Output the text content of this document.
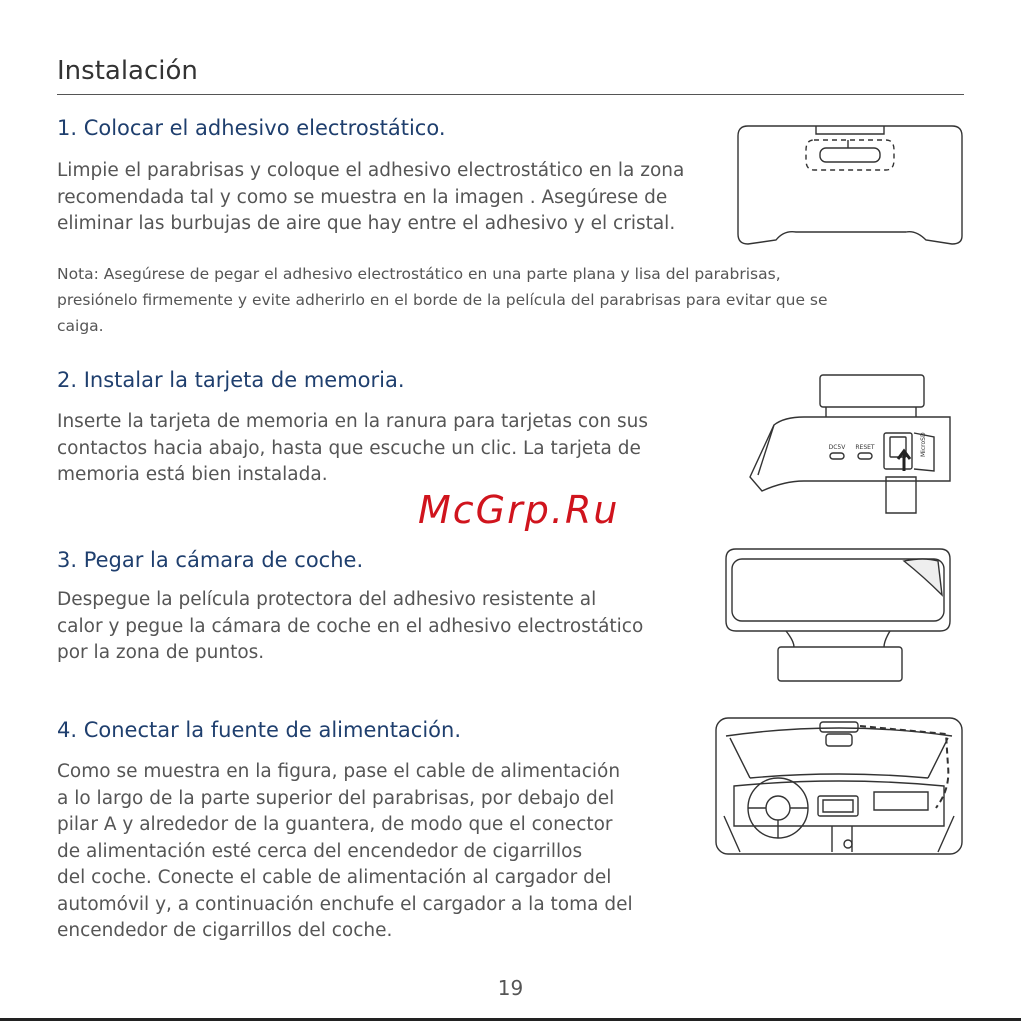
Instalación
1. Colocar el adhesivo electrostático.

Limpie el parabrisas y coloque el adhesivo electrostático en la zona
recomendada tal y como se muestra en la imagen . Asegúrese de
eliminar las burbujas de aire que hay entre el adhesivo y el cristal.

Nota: Asegúrese de pegar el adhesivo electrostático en una parte plana y lisa del parabrisas,
presiónelo firmemente y evite adherirlo en el borde de la película del parabrisas para evitar que se
caiga.

2. Instalar la tarjeta de memoria.

Inserte la tarjeta de memoria en la ranura para tarjetas con sus
contactos hacia abajo, hasta que escuche un clic. La tarjeta de
memoria está bien instalada.

DC5V RESET	MicroSD
McGrp.Ru
3. Pegar la cámara de coche.

Despegue la película protectora del adhesivo resistente al
calor y pegue la cámara de coche en el adhesivo electrostático
por la zona de puntos.

4. Conectar la fuente de alimentación.

Como se muestra en la figura, pase el cable de alimentación
a lo largo de la parte superior del parabrisas, por debajo del
pilar A y alrededor de la guantera, de modo que el conector
de alimentación esté cerca del encendedor de cigarrillos
del coche. Conecte el cable de alimentación al cargador del
automóvil y, a continuación enchufe el cargador a la toma del
encendedor de cigarrillos del coche.

19
